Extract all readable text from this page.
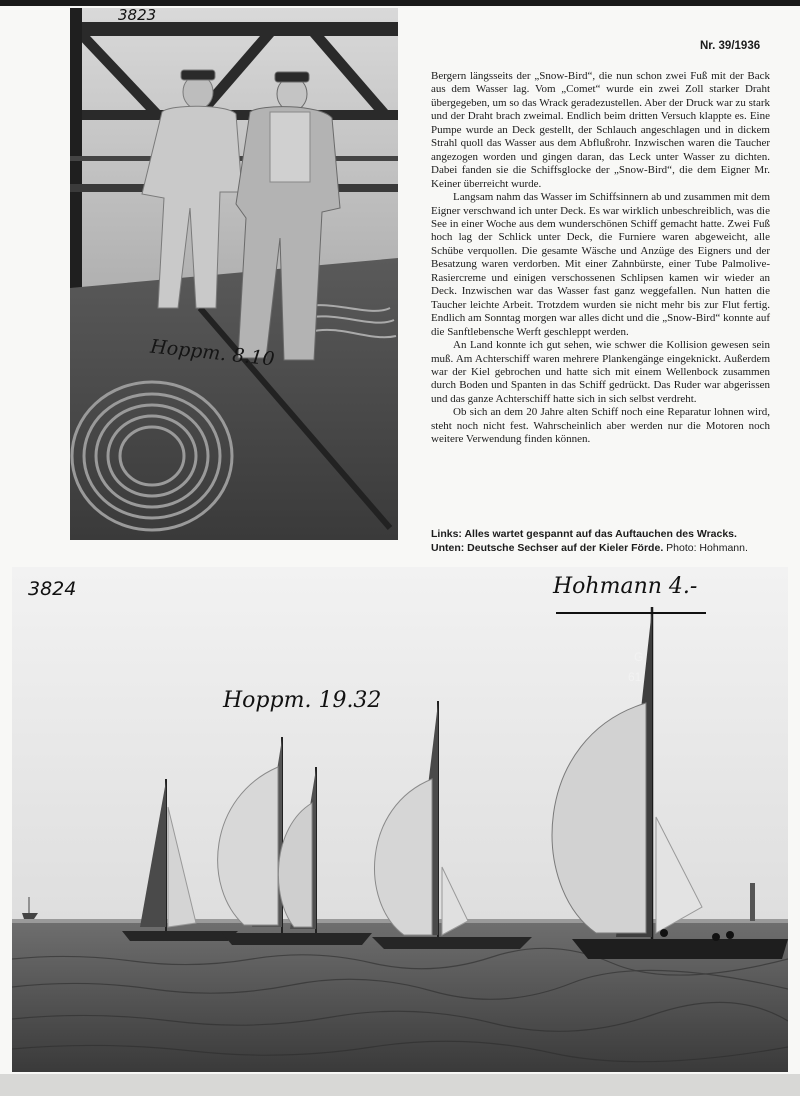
3823
Nr. 39/1936

Bergern längsseits der „Snow-Bird“, die nun schon zwei Fuß mit der Back aus dem Wasser lag. Vom „Comet“ wurde ein zwei Zoll starker Draht übergegeben, um so das Wrack geradezustellen. Aber der Druck war zu stark und der Draht brach zweimal. Endlich beim dritten Versuch klappte es. Eine Pumpe wurde an Deck gestellt, der Schlauch angeschlagen und in dickem Strahl quoll das Wasser aus dem Abflußrohr. Inzwischen waren die Taucher angezogen worden und gingen daran, das Leck unter Wasser zu dichten. Dabei fanden sie die Schiffsglocke der „Snow-Bird“, die dem Eigner Mr. Keiner überreicht wurde.

Langsam nahm das Wasser im Schiffsinnern ab und zusammen mit dem Eigner verschwand ich unter Deck. Es war wirklich unbeschreiblich, was die See in einer Woche aus dem wunderschönen Schiff gemacht hatte. Zwei Fuß hoch lag der Schlick unter Deck, die Furniere waren abgeweicht, alle Schübe verquollen. Die gesamte Wäsche und Anzüge des Eigners und der Besatzung waren verdorben. Mit einer Zahnbürste, einer Tube Palmolive-Rasiercreme und einigen verschossenen Schlipsen kamen wir wieder an Deck. Inzwischen war das Wasser fast ganz weggefallen. Nun hatten die Taucher leichte Arbeit. Trotzdem wurden sie nicht mehr bis zur Flut fertig. Endlich am Sonntag morgen war alles dicht und die „Snow-Bird“ konnte auf die Sanftlebensche Werft geschleppt werden.

An Land konnte ich gut sehen, wie schwer die Kollision gewesen sein muß. Am Achterschiff waren mehrere Plankengänge eingeknickt. Außerdem war der Kiel gebrochen und hatte sich mit einem Wellenbock zusammen durch Boden und Spanten in das Schiff gedrückt. Das Ruder war abgerissen und das ganze Achterschiff hatte sich in sich selbst verdreht.

Ob sich an dem 20 Jahre alten Schiff noch eine Reparatur lohnen wird, steht noch nicht fest. Wahrscheinlich aber werden nur die Motoren noch weitere Verwendung finden können.

Links: Alles wartet gespannt auf das Auftauchen des Wracks.
Unten: Deutsche Sechser auf der Kieler Förde. Photo: Hohmann.
G
61
3824
Hoppm. 8.10
Hoppm. 19.32
Hohmann 4.-
